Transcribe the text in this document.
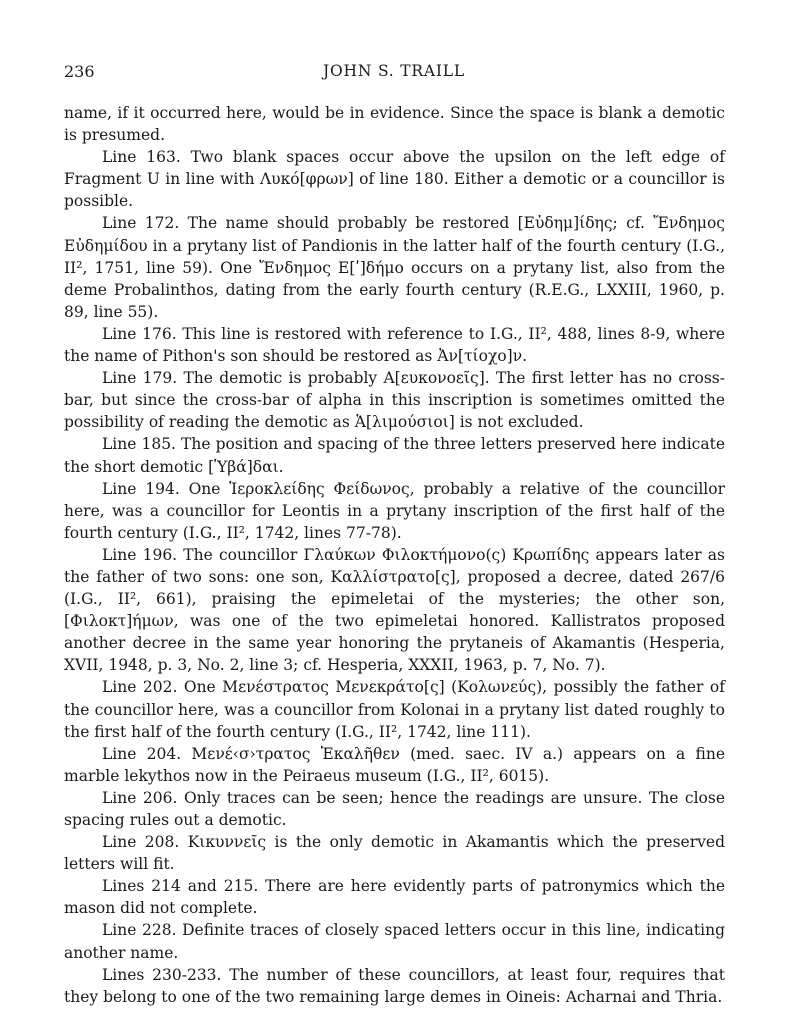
236	JOHN S. TRAILL

name, if it occurred here, would be in evidence. Since the space is blank a demotic is presumed.

Line 163. Two blank spaces occur above the upsilon on the left edge of Fragment U in line with Λυκό[φρων] of line 180. Either a demotic or a councillor is possible.

Line 172. The name should probably be restored [Εὐδημ]ίδης; cf. Ἔνδημος Εὐδημίδου in a prytany list of Pandionis in the latter half of the fourth century (I.G., II², 1751, line 59). One Ἔνδημος Ε[ʹ]δήμο occurs on a prytany list, also from the deme Probalinthos, dating from the early fourth century (R.E.G., LXXIII, 1960, p. 89, line 55).

Line 176. This line is restored with reference to I.G., II², 488, lines 8-9, where the name of Pithon's son should be restored as Ἀν[τίοχο]ν.

Line 179. The demotic is probably Α[ευκονοεῖς]. The first letter has no cross-bar, but since the cross-bar of alpha in this inscription is sometimes omitted the possibility of reading the demotic as Ἁ[λιμούσιοι] is not excluded.

Line 185. The position and spacing of the three letters preserved here indicate the short demotic [Ὑβά]δαι.

Line 194. One Ἱεροκλείδης Φείδωνος, probably a relative of the councillor here, was a councillor for Leontis in a prytany inscription of the first half of the fourth century (I.G., II², 1742, lines 77-78).

Line 196. The councillor Γλαύκων Φιλοκτήμονο(ς) Κρωπίδης appears later as the father of two sons: one son, Καλλίστρατο[ς], proposed a decree, dated 267/6 (I.G., II², 661), praising the epimeletai of the mysteries; the other son, [Φιλοκτ]ήμων, was one of the two epimeletai honored. Kallistratos proposed another decree in the same year honoring the prytaneis of Akamantis (Hesperia, XVII, 1948, p. 3, No. 2, line 3; cf. Hesperia, XXXII, 1963, p. 7, No. 7).

Line 202. One Μενέστρατος Μενεκράτο[ς] (Κολωνεύς), possibly the father of the councillor here, was a councillor from Kolonai in a prytany list dated roughly to the first half of the fourth century (I.G., II², 1742, line 111).

Line 204. Μενέ‹σ›τρατος Ἑκαλῆθεν (med. saec. IV a.) appears on a fine marble lekythos now in the Peiraeus museum (I.G., II², 6015).

Line 206. Only traces can be seen; hence the readings are unsure. The close spacing rules out a demotic.

Line 208. Κικυννεῖς is the only demotic in Akamantis which the preserved letters will fit.

Lines 214 and 215. There are here evidently parts of patronymics which the mason did not complete.

Line 228. Definite traces of closely spaced letters occur in this line, indicating another name.

Lines 230-233. The number of these councillors, at least four, requires that they belong to one of the two remaining large demes in Oineis: Acharnai and Thria.
